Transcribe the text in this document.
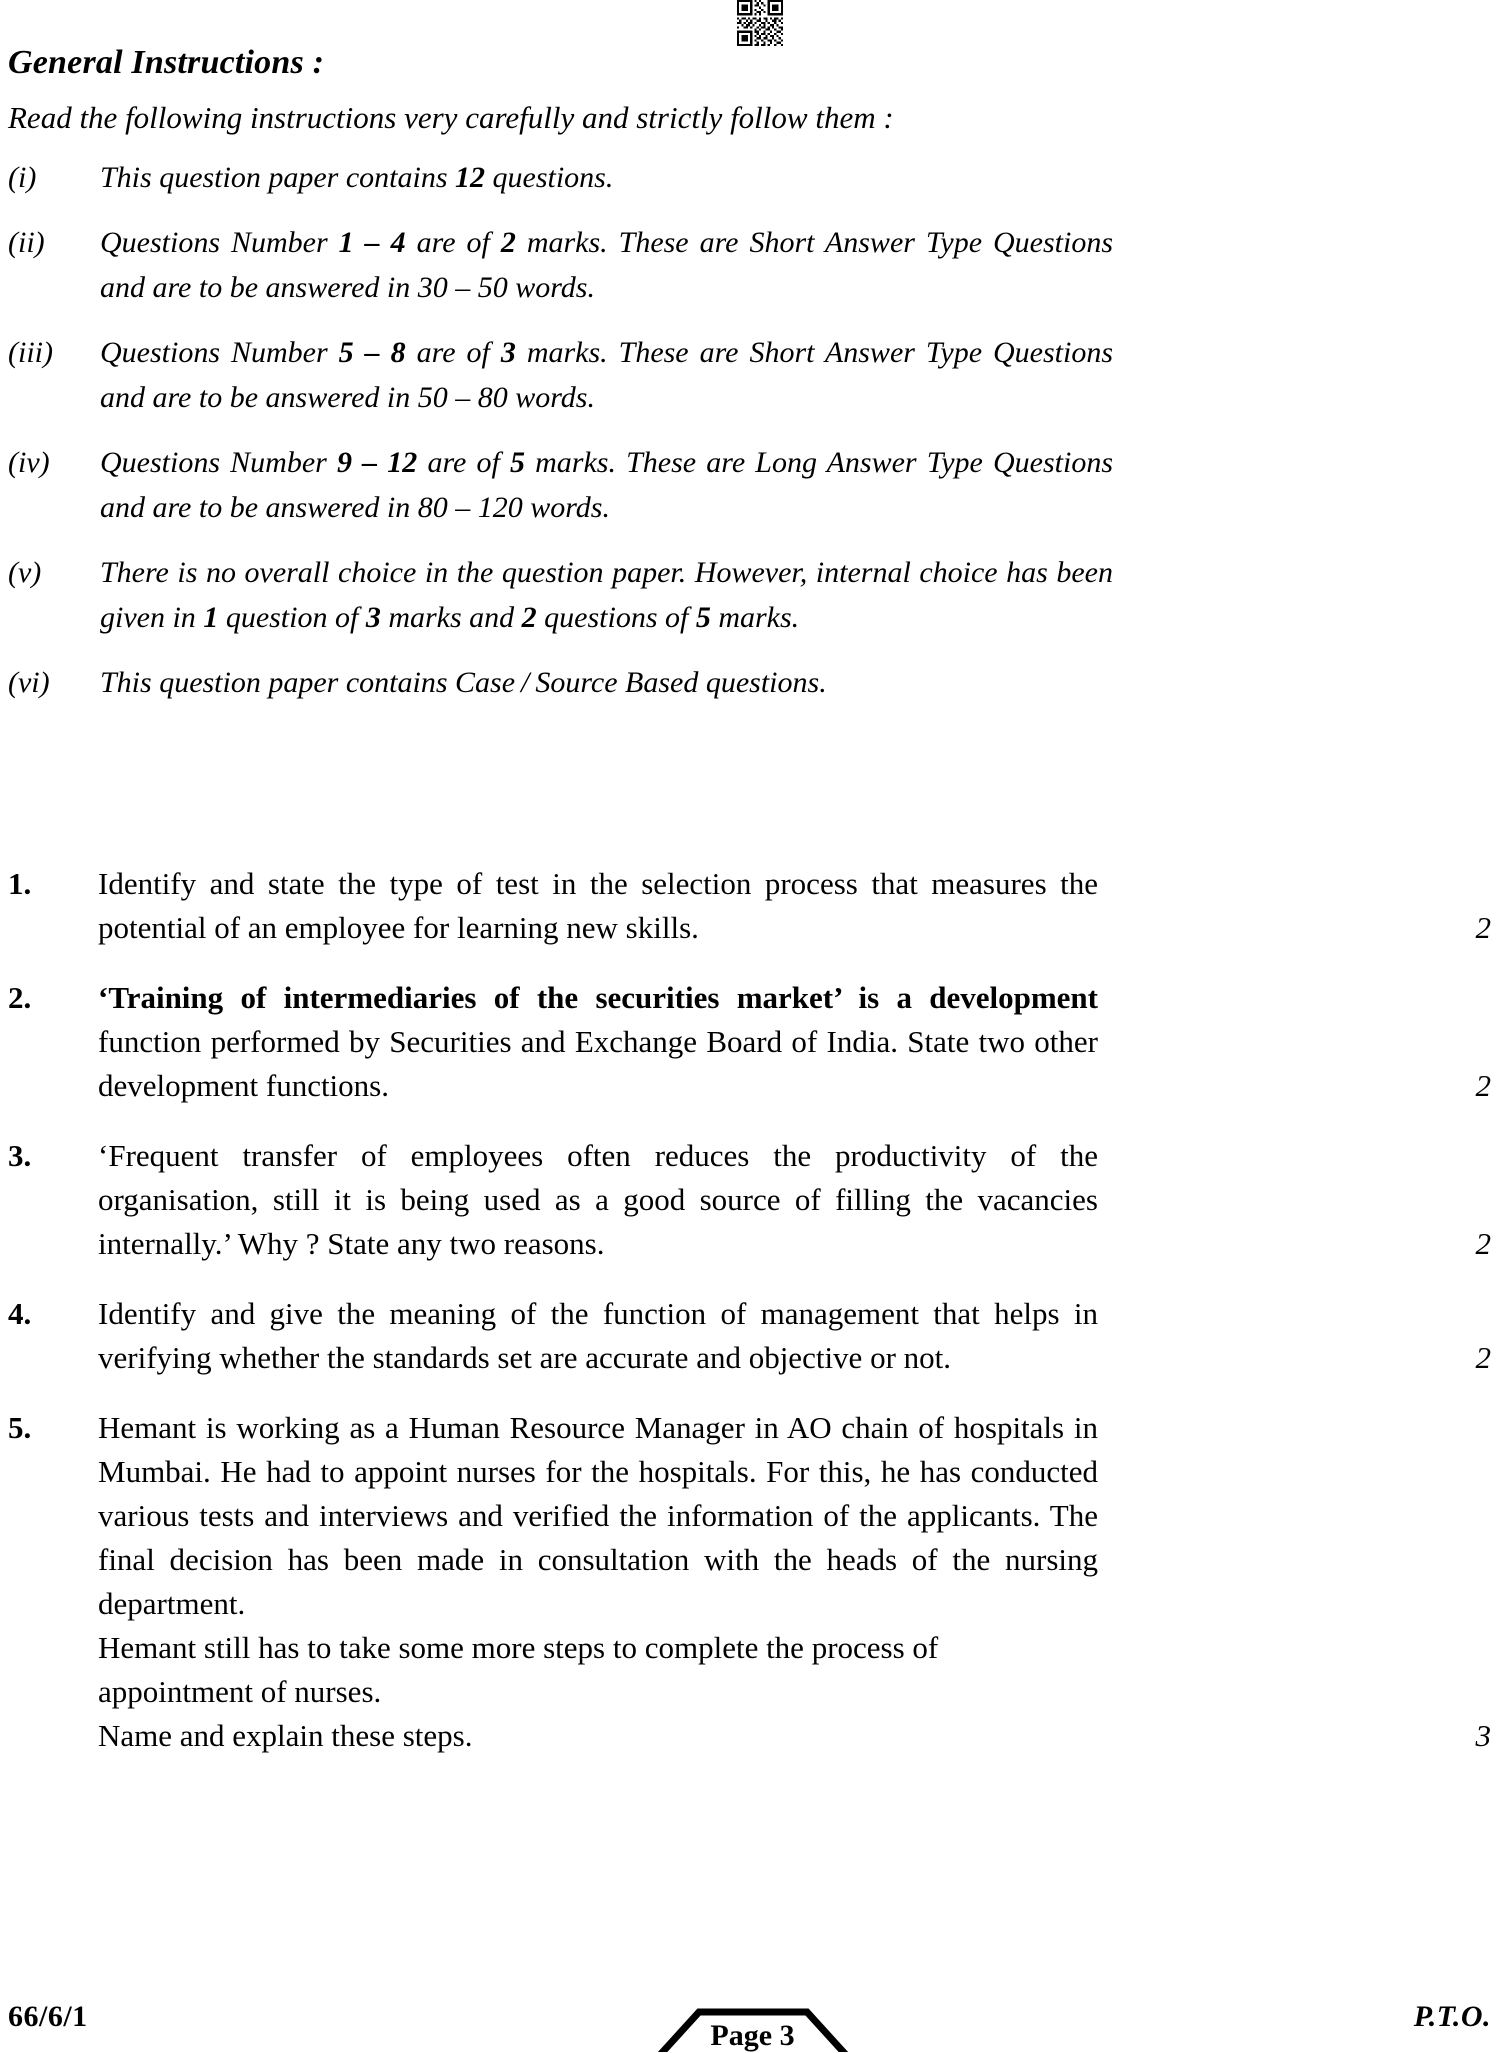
General Instructions :
Read the following instructions very carefully and strictly follow them :
(i)	This question paper contains 12 questions.
(ii)	Questions Number 1 – 4 are of 2 marks. These are Short Answer Type Questions and are to be answered in 30 – 50 words.
(iii)	Questions Number 5 – 8 are of 3 marks. These are Short Answer Type Questions and are to be answered in 50 – 80 words.
(iv)	Questions Number 9 – 12 are of 5 marks. These are Long Answer Type Questions and are to be answered in 80 – 120 words.
(v)	There is no overall choice in the question paper. However, internal choice has been given in 1 question of 3 marks and 2 questions of 5 marks.
(vi)	This question paper contains Case / Source Based questions.
1.	Identify and state the type of test in the selection process that measures the potential of an employee for learning new skills.	2
2.	‘Training of intermediaries of the securities market’ is a development function performed by Securities and Exchange Board of India. State two other development functions.	2
3.	‘Frequent transfer of employees often reduces the productivity of the organisation, still it is being used as a good source of filling the vacancies internally.’ Why ? State any two reasons.	2
4.	Identify and give the meaning of the function of management that helps in verifying whether the standards set are accurate and objective or not.	2
5.	Hemant is working as a Human Resource Manager in AO chain of hospitals in Mumbai. He had to appoint nurses for the hospitals. For this, he has conducted various tests and interviews and verified the information of the applicants. The final decision has been made in consultation with the heads of the nursing department.
Hemant still has to take some more steps to complete the process of appointment of nurses.
Name and explain these steps.	3
66/6/1
Page 3
P.T.O.
